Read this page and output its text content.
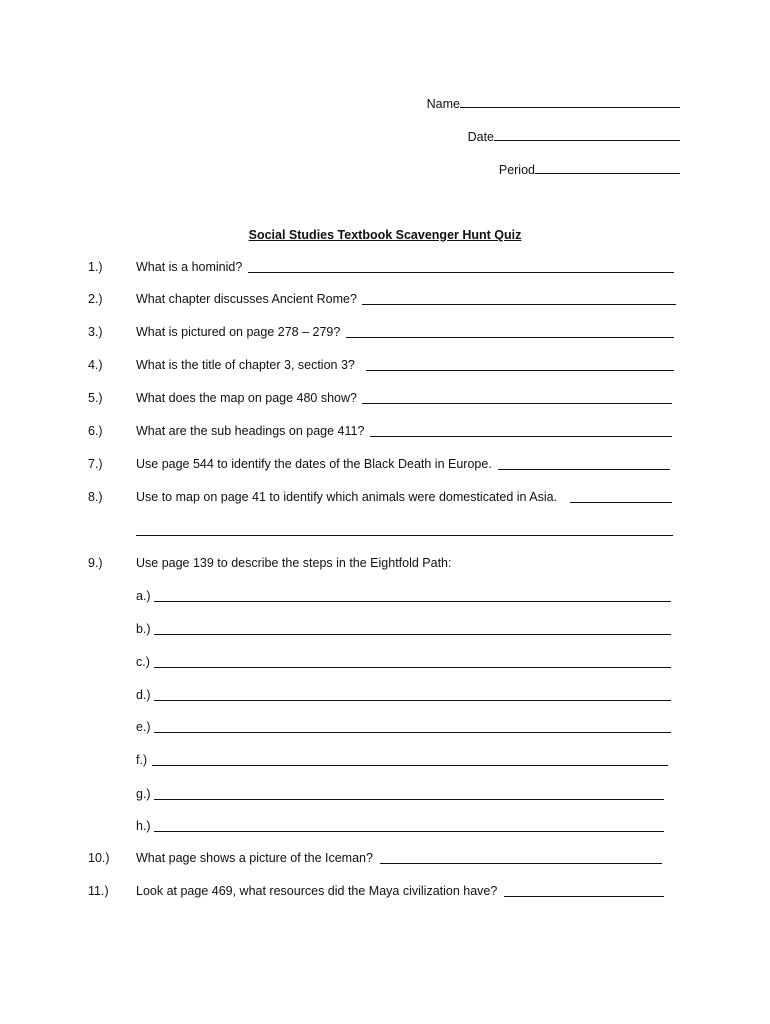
Name
Date
Period
Social Studies Textbook Scavenger Hunt Quiz
1.)	What is a hominid?
2.)	What chapter discusses Ancient Rome?
3.)	What is pictured on page 278 – 279?
4.)	What is the title of chapter 3, section 3?
5.)	What does the map on page 480 show?
6.)	What are the sub headings on page 411?
7.)	Use page 544 to identify the dates of the Black Death in Europe.
8.)	Use to map on page 41 to identify which animals were domesticated in Asia.
9.)	Use page 139 to describe the steps in the Eightfold Path:
a.)
b.)
c.)
d.)
e.)
f.)
g.)
h.)
10.) What page shows a picture of the Iceman?
11.) Look at page 469, what resources did the Maya civilization have?
